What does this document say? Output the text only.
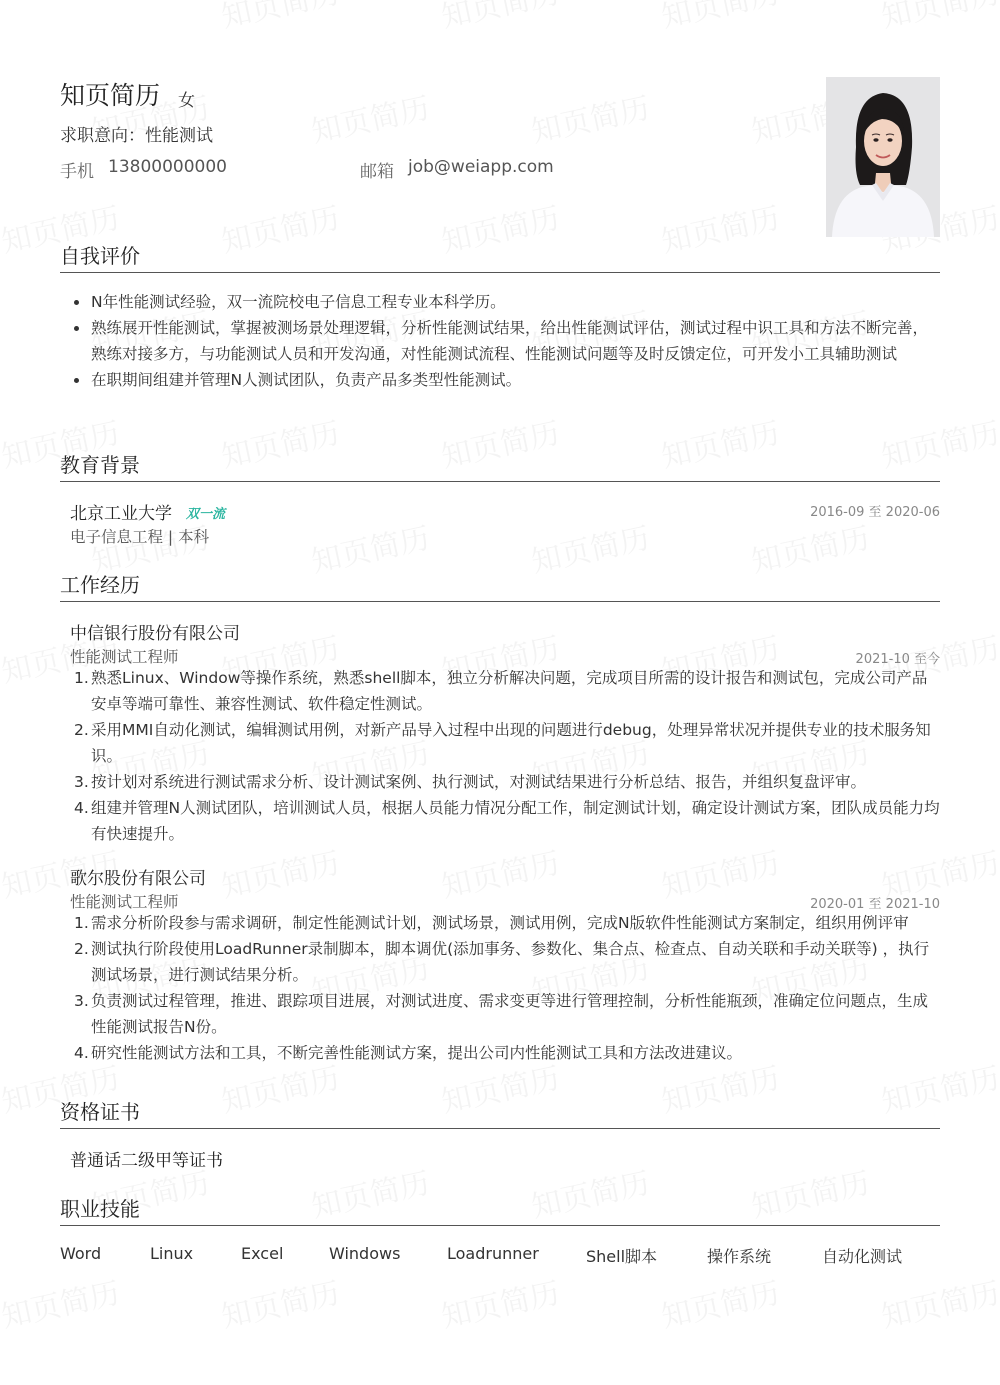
知页简历 女
求职意向：性能测试
手机 13800000000	邮箱 job@weiapp.com
自我评价
N年性能测试经验，双一流院校电子信息工程专业本科学历。
熟练展开性能测试，掌握被测场景处理逻辑，分析性能测试结果，给出性能测试评估，测试过程中识工具和方法不断完善，熟练对接多方，与功能测试人员和开发沟通，对性能测试流程、性能测试问题等及时反馈定位，可开发小工具辅助测试
在职期间组建并管理N人测试团队，负责产品多类型性能测试。
教育背景
北京工业大学 双一流	2016-09 至 2020-06
电子信息工程 | 本科
工作经历
中信银行股份有限公司
性能测试工程师	2021-10 至今
1. 熟悉Linux、Window等操作系统，熟悉shell脚本，独立分析解决问题，完成项目所需的设计报告和测试包，完成公司产品安卓等端可靠性、兼容性测试、软件稳定性测试。
2. 采用MMI自动化测试，编辑测试用例，对新产品导入过程中出现的问题进行debug，处理异常状况并提供专业的技术服务知识。
3. 按计划对系统进行测试需求分析、设计测试案例、执行测试，对测试结果进行分析总结、报告，并组织复盘评审。
4. 组建并管理N人测试团队，培训测试人员，根据人员能力情况分配工作，制定测试计划，确定设计测试方案，团队成员能力均有快速提升。
歌尔股份有限公司
性能测试工程师	2020-01 至 2021-10
1. 需求分析阶段参与需求调研，制定性能测试计划，测试场景，测试用例，完成N版软件性能测试方案制定，组织用例评审
2. 测试执行阶段使用LoadRunner录制脚本，脚本调优(添加事务、参数化、集合点、检查点、自动关联和手动关联等) ，执行测试场景，进行测试结果分析。
3. 负责测试过程管理，推进、跟踪项目进展，对测试进度、需求变更等进行管理控制，分析性能瓶颈，准确定位问题点，生成性能测试报告N份。
4. 研究性能测试方法和工具，不断完善性能测试方案，提出公司内性能测试工具和方法改进建议。
资格证书
普通话二级甲等证书
职业技能
Word	Linux	Excel	Windows	Loadrunner	Shell脚本	操作系统	自动化测试
